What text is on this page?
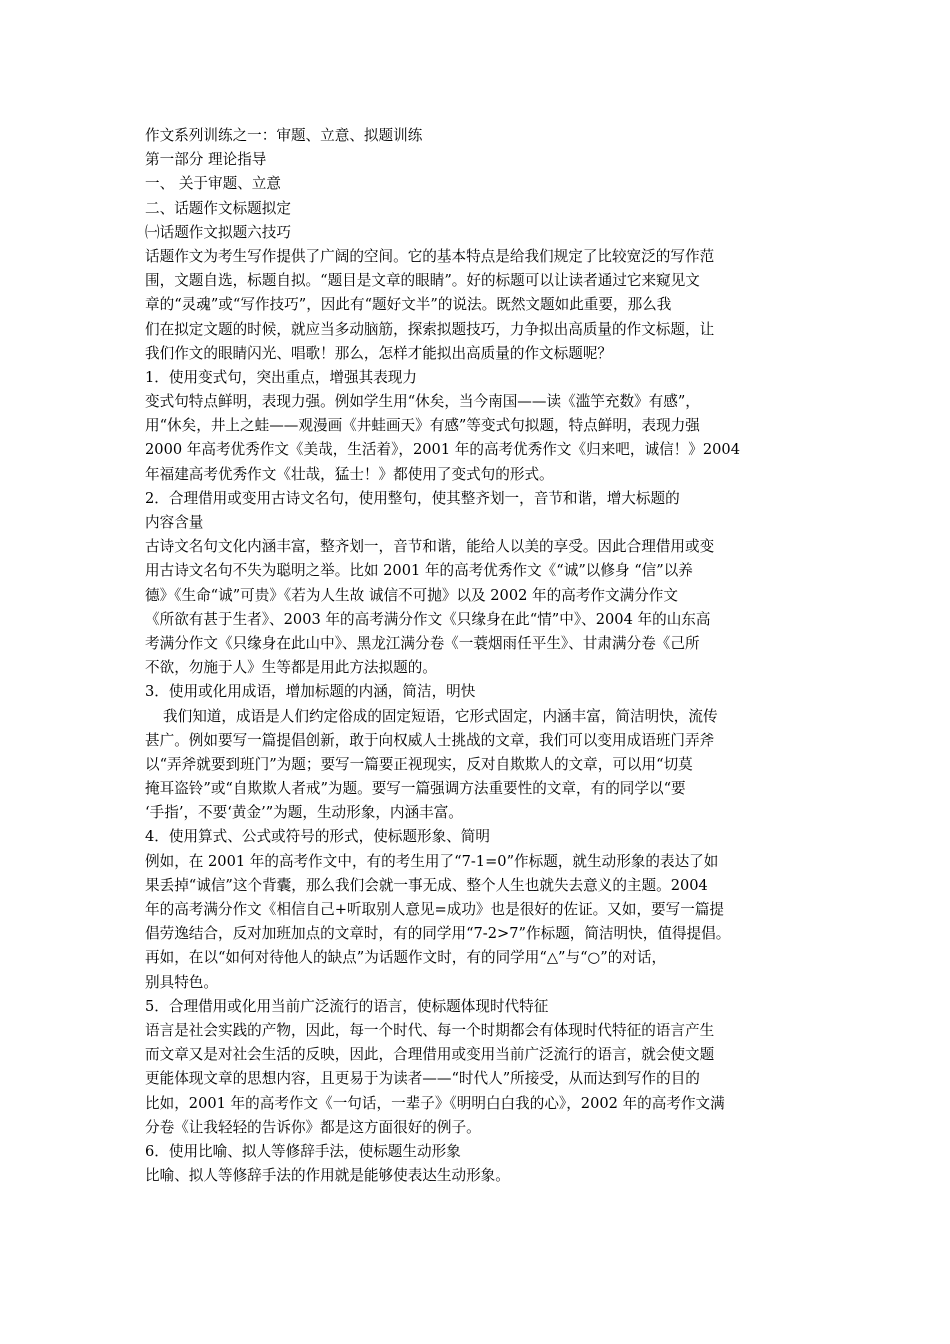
作文系列训练之一：审题、立意、拟题训练
第一部分 理论指导
一、 关于审题、立意
二、话题作文标题拟定
㈠话题作文拟题六技巧
话题作文为考生写作提供了广阔的空间。它的基本特点是给我们规定了比较宽泛的写作范
围，文题自选，标题自拟。“题目是文章的眼睛”。好的标题可以让读者通过它来窥见文
章的“灵魂”或“写作技巧”，因此有“题好文半”的说法。既然文题如此重要，那么我
们在拟定文题的时候，就应当多动脑筋，探索拟题技巧，力争拟出高质量的作文标题，让
我们作文的眼睛闪光、唱歌！那么，怎样才能拟出高质量的作文标题呢？
1．使用变式句，突出重点，增强其表现力
变式句特点鲜明，表现力强。例如学生用“休矣，当今南国——读《滥竽充数》有感”，
用“休矣，井上之蛙——观漫画《井蛙画天》有感”等变式句拟题，特点鲜明，表现力强
2000 年高考优秀作文《美哉，生活着》，2001 年的高考优秀作文《归来吧，诚信！》2004
年福建高考优秀作文《壮哉，猛士！》都使用了变式句的形式。
2．合理借用或变用古诗文名句，使用整句，使其整齐划一，音节和谐，增大标题的
内容含量
古诗文名句文化内涵丰富，整齐划一，音节和谐，能给人以美的享受。因此合理借用或变
用古诗文名句不失为聪明之举。比如 2001 年的高考优秀作文《“诚”以修身 “信”以养
德》《生命“诚”可贵》《若为人生故 诚信不可抛》以及 2002 年的高考作文满分作文
《所欲有甚于生者》、2003 年的高考满分作文《只缘身在此“情”中》、2004 年的山东高
考满分作文《只缘身在此山中》、黑龙江满分卷《一蓑烟雨任平生》、甘肃满分卷《己所
不欲，勿施于人》生等都是用此方法拟题的。
3．使用或化用成语，增加标题的内涵，简洁，明快
我们知道，成语是人们约定俗成的固定短语，它形式固定，内涵丰富，简洁明快，流传
甚广。例如要写一篇提倡创新，敢于向权威人士挑战的文章，我们可以变用成语班门弄斧
以“弄斧就要到班门”为题；要写一篇要正视现实，反对自欺欺人的文章，可以用“切莫
掩耳盗铃”或“自欺欺人者戒”为题。要写一篇强调方法重要性的文章，有的同学以“要
‘手指’，不要‘黄金’”为题，生动形象，内涵丰富。
4．使用算式、公式或符号的形式，使标题形象、简明
例如，在 2001 年的高考作文中，有的考生用了“7-1=0”作标题，就生动形象的表达了如
果丢掉“诚信”这个背囊，那么我们会就一事无成、整个人生也就失去意义的主题。2004
年的高考满分作文《相信自己+听取别人意见=成功》也是很好的佐证。又如，要写一篇提
倡劳逸结合，反对加班加点的文章时，有的同学用“7-2>7”作标题，简洁明快，值得提倡。
再如，在以“如何对待他人的缺点”为话题作文时，有的同学用“△”与“○”的对话，
别具特色。
5．合理借用或化用当前广泛流行的语言，使标题体现时代特征
语言是社会实践的产物，因此，每一个时代、每一个时期都会有体现时代特征的语言产生
而文章又是对社会生活的反映，因此，合理借用或变用当前广泛流行的语言，就会使文题
更能体现文章的思想内容，且更易于为读者——“时代人”所接受，从而达到写作的目的
比如，2001 年的高考作文《一句话，一辈子》《明明白白我的心》，2002 年的高考作文满
分卷《让我轻轻的告诉你》都是这方面很好的例子。
6．使用比喻、拟人等修辞手法，使标题生动形象
比喻、拟人等修辞手法的作用就是能够使表达生动形象。
